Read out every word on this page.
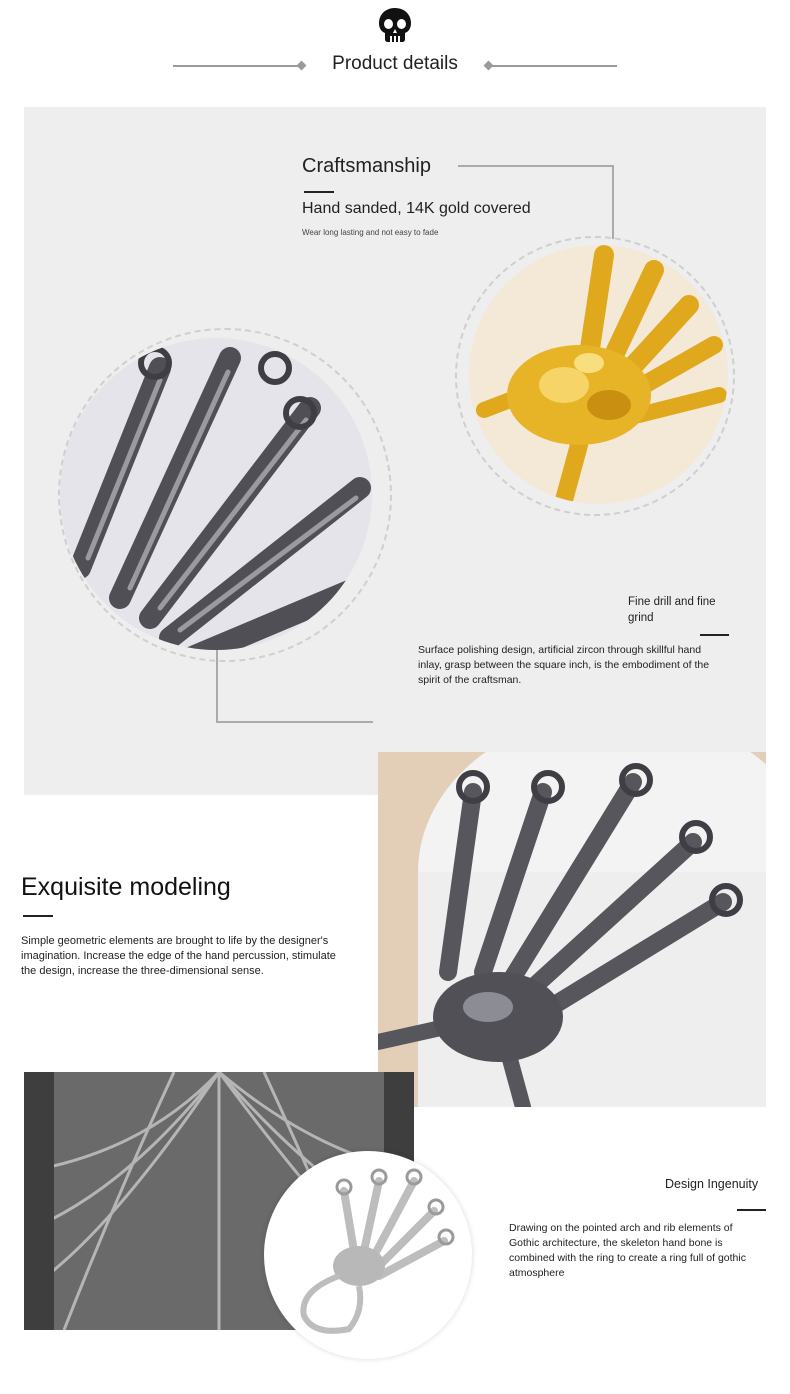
Product details
Craftsmanship
Hand sanded, 14K gold covered
Wear long lasting and not easy to fade
Fine drill and fine grind
Surface polishing design, artificial zircon through skillful hand inlay, grasp between the square inch, is the embodiment of the spirit of the craftsman.
Exquisite modeling
Simple geometric elements are brought to life by the designer's imagination. Increase the edge of the hand percussion, stimulate the design, increase the three-dimensional sense.
Design Ingenuity
Drawing on the pointed arch and rib elements of Gothic architecture, the skeleton hand bone is combined with the ring to create a ring full of gothic atmosphere
